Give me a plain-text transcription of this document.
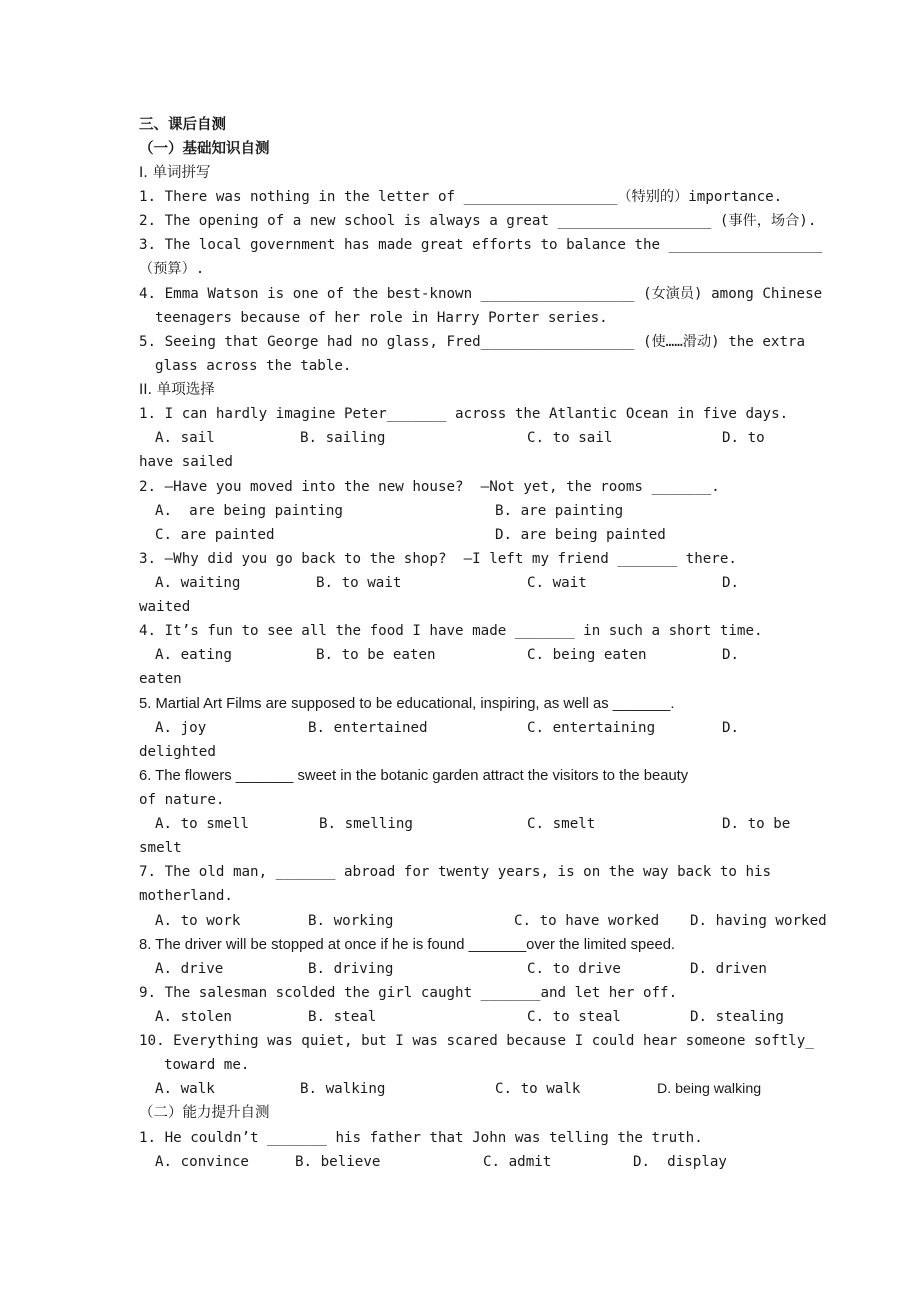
三、课后自测
（一）基础知识自测
I. 单词拼写
1. There was nothing in the letter of __________________（特别的）importance.
2. The opening of a new school is always a great __________________ (事件，场合).
3. The local government has made great efforts to balance the __________________
（预算）.
4. Emma Watson is one of the best-known __________________ (女演员) among Chinese
teenagers because of her role in Harry Porter series.
5. Seeing that George had no glass, Fred__________________ (使……滑动) the extra
glass across the table.
II. 单项选择
1. I can hardly imagine Peter_______ across the Atlantic Ocean in five days.
A. sail	B. sailing	C. to sail	D. to
have sailed
2. —Have you moved into the new house?  —Not yet, the rooms _______.
A.  are being painting	B. are painting
C. are painted	D. are being painted
3. —Why did you go back to the shop?  —I left my friend _______ there.
A. waiting	B. to wait	C. wait	D.
waited
4. It’s fun to see all the food I have made _______ in such a short time.
A. eating	B. to be eaten	C. being eaten	D.
eaten
5. Martial Art Films are supposed to be educational, inspiring, as well as _______.
A. joy	B. entertained	C. entertaining	D.
delighted
6. The flowers _______ sweet in the botanic garden attract the visitors to the beauty
of nature.
A. to smell	B. smelling	C. smelt	D. to be
smelt
7. The old man, _______ abroad for twenty years, is on the way back to his
motherland.
A. to work	B. working	C. to have worked D. having worked
8. The driver will be stopped at once if he is found _______over the limited speed.
A. drive	B. driving	C. to drive	D. driven
9. The salesman scolded the girl caught _______and let her off.
A. stolen	B. steal	C. to steal	D. stealing
10. Everything was quiet, but I was scared because I could hear someone softly_
toward me.
A. walk	B. walking	C. to walk	D. being walking
（二）能力提升自测
1. He couldn’t _______ his father that John was telling the truth.
A. convince	B. believe	C. admit	D.  display
